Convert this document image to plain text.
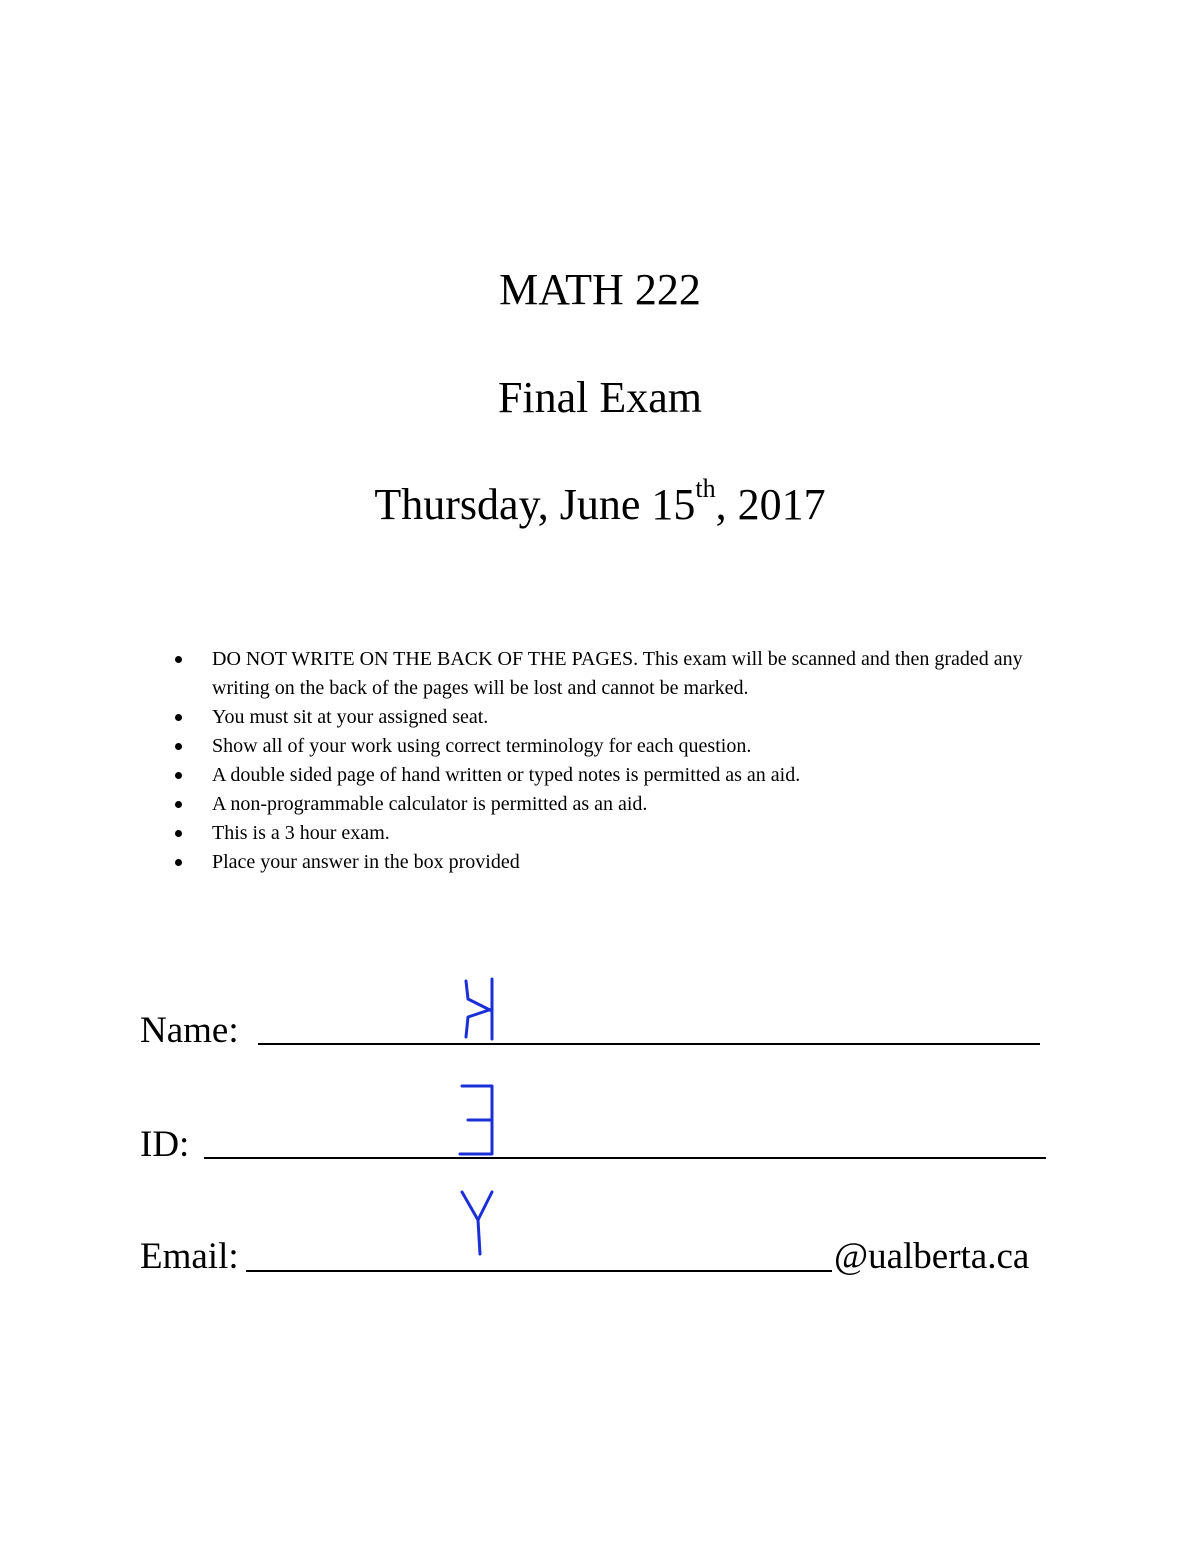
MATH 222
Final Exam
Thursday, June 15th, 2017
DO NOT WRITE ON THE BACK OF THE PAGES. This exam will be scanned and then graded any writing on the back of the pages will be lost and cannot be marked.
You must sit at your assigned seat.
Show all of your work using correct terminology for each question.
A double sided page of hand written or typed notes is permitted as an aid.
A non-programmable calculator is permitted as an aid.
This is a 3 hour exam.
Place your answer in the box provided
Name:
ID:
Email:	@ualberta.ca
